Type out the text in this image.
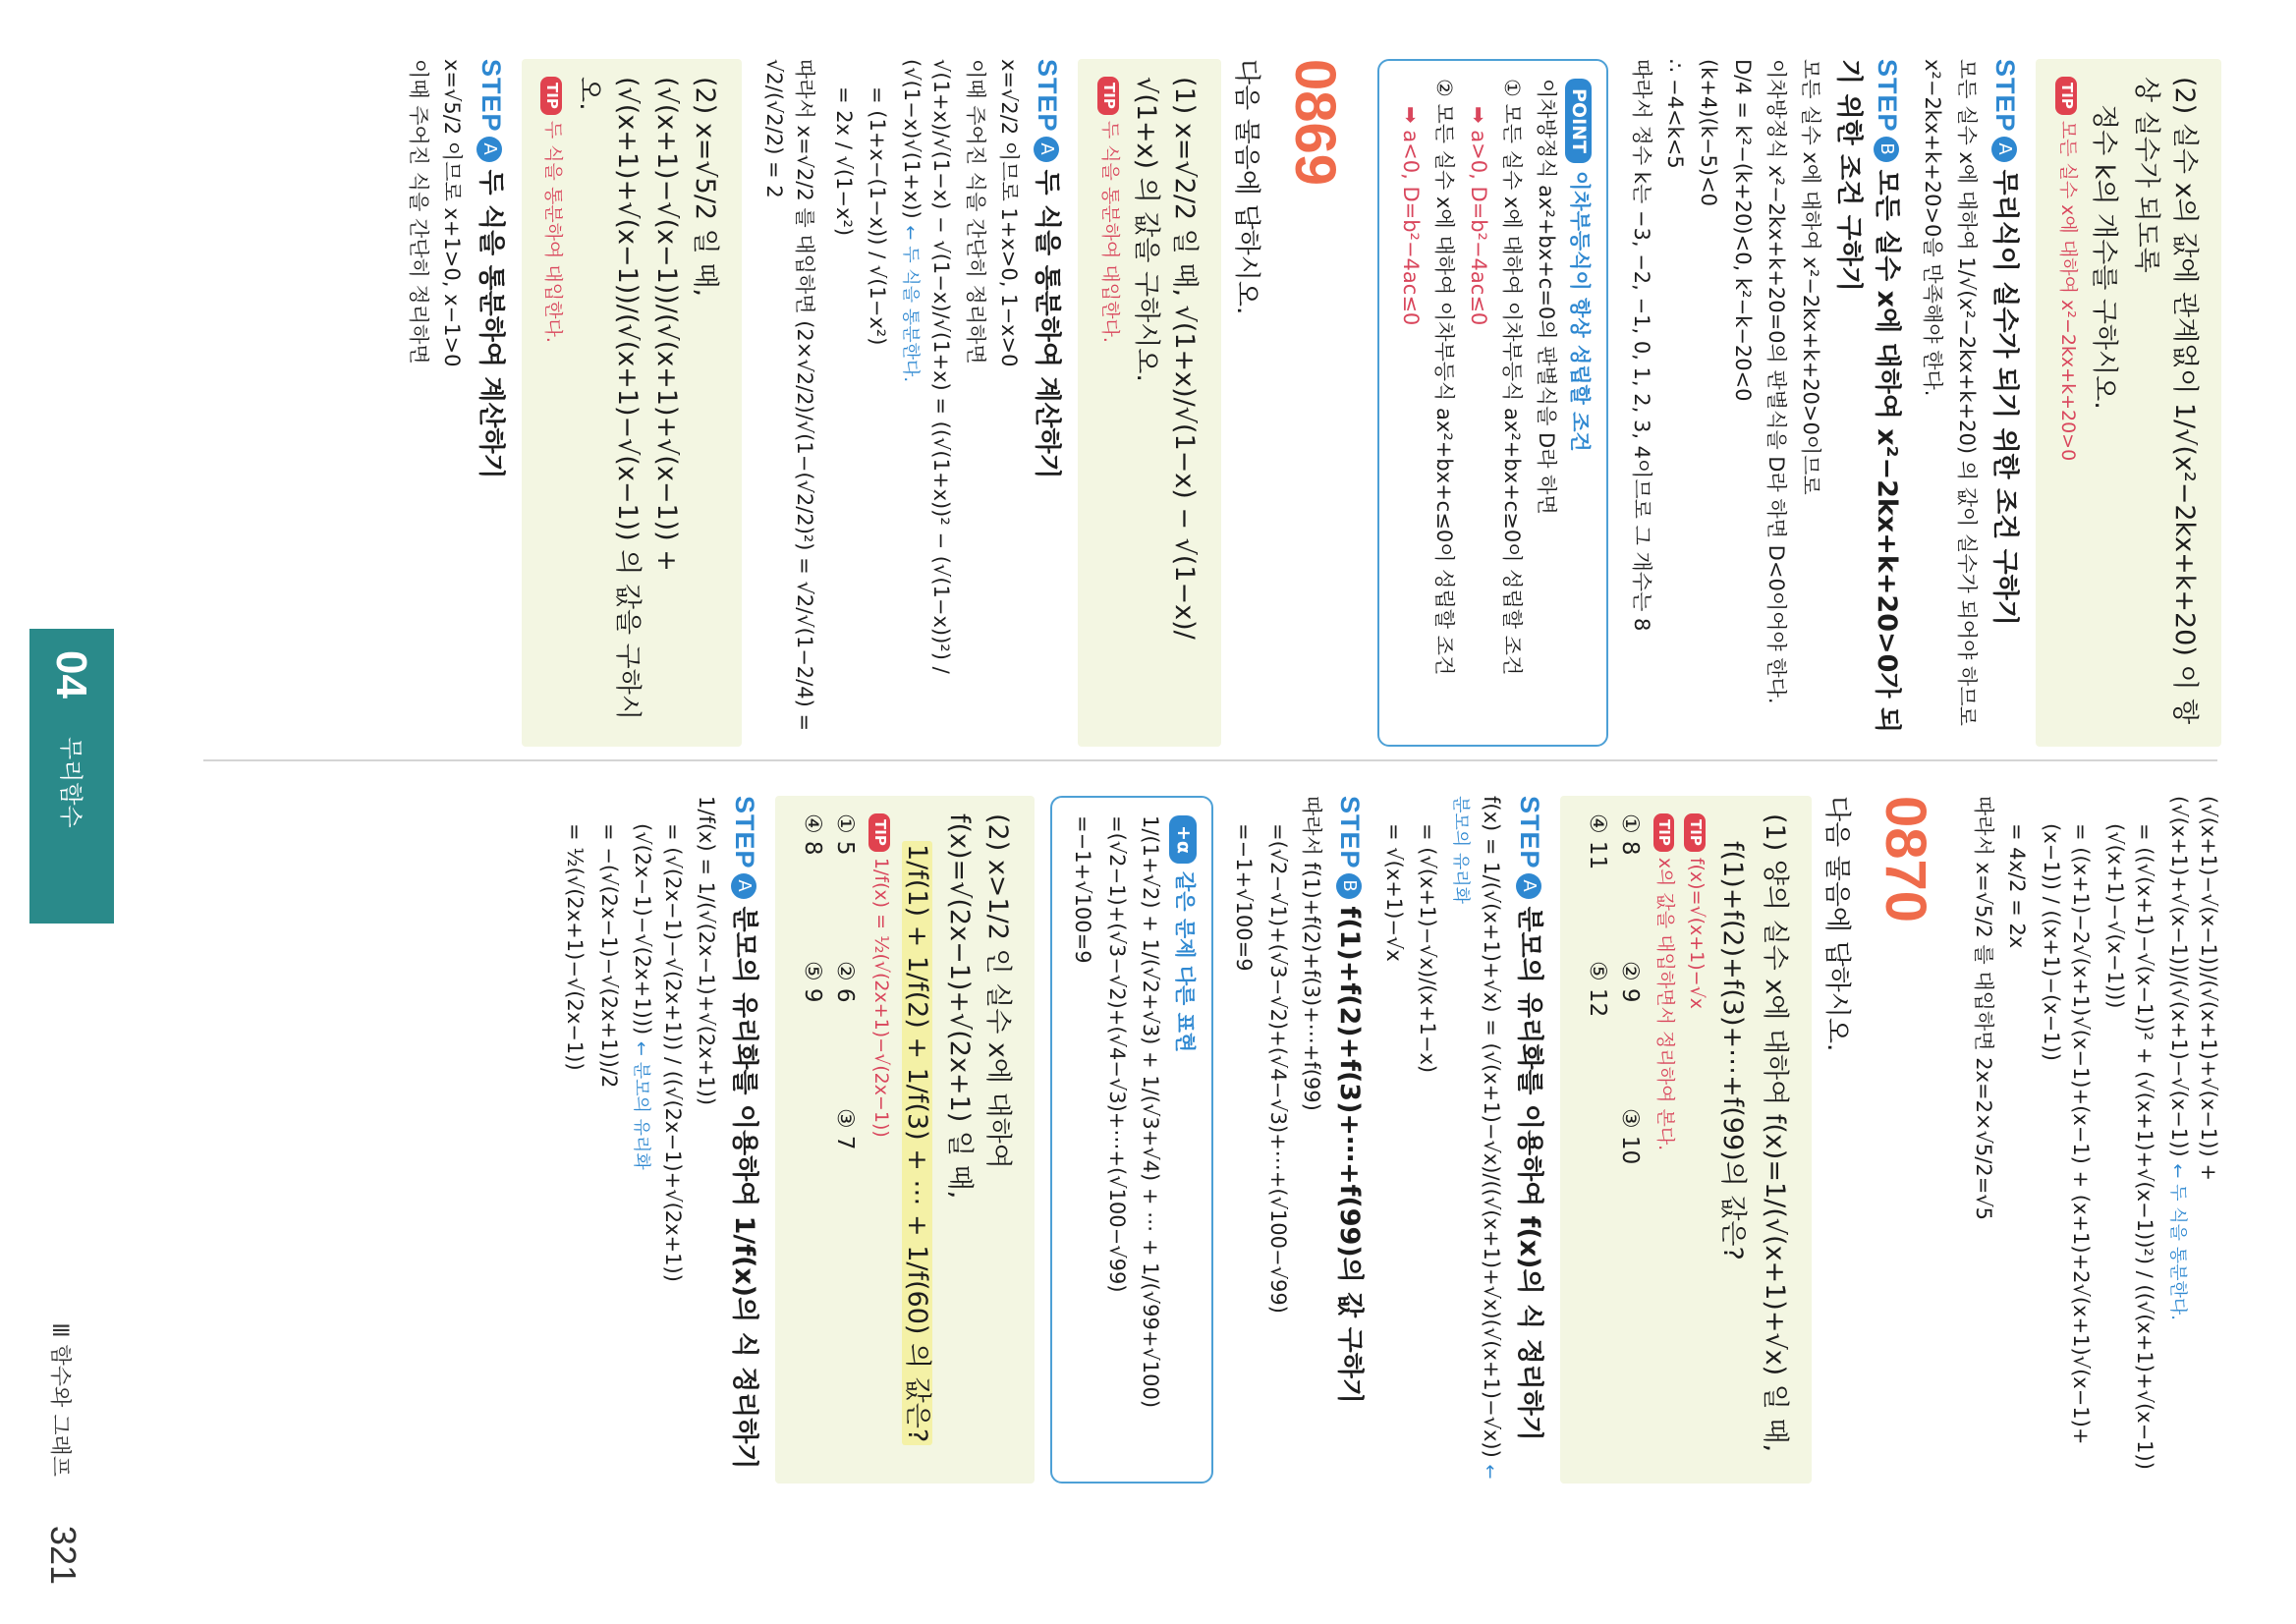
(2) 실수 x의 값에 관계없이 1/√(x²−2kx+k+20) 이 항상 실수가 되도록
정수 k의 개수를 구하시오.
TIP모든 실수 x에 대하여 x²−2kx+k+20>0
STEPA무리식이 실수가 되기 위한 조건 구하기
모든 실수 x에 대하여 1/√(x²−2kx+k+20) 의 값이 실수가 되어야 하므로
x²−2kx+k+20>0을 만족해야 한다.
STEPB모든 실수 x에 대하여 x²−2kx+k+20>0가 되기 위한 조건 구하기
모든 실수 x에 대하여 x²−2kx+k+20>0이므로
이차방정식 x²−2kx+k+20=0의 판별식을 D라 하면 D<0이어야 한다.
D/4 = k²−(k+20)<0, k²−k−20<0
(k+4)(k−5)<0
∴ −4<k<5
따라서 정수 k는 −3, −2, −1, 0, 1, 2, 3, 4이므로 그 개수는 8
POINT이차부등식이 항상 성립할 조건
이차방정식 ax²+bx+c=0의 판별식을 D라 하면
① 모든 실수 x에 대하여 이차부등식 ax²+bx+c≥0이 성립할 조건
➡ a>0, D=b²−4ac≤0
② 모든 실수 x에 대하여 이차부등식 ax²+bx+c≤0이 성립할 조건
➡ a<0, D=b²−4ac≤0
0869
다음 물음에 답하시오.
(1) x=√2/2 일 때, √(1+x)/√(1−x) − √(1−x)/√(1+x) 의 값을 구하시오.
TIP두 식을 통분하여 대입한다.
STEPA두 식을 통분하여 계산하기
x=√2/2 이므로 1+x>0, 1−x>0
이때 주어진 식을 간단히 정리하면
√(1+x)/√(1−x) − √(1−x)/√(1+x) = ((√(1+x))² − (√(1−x))²) / (√(1−x)√(1+x)) ← 두 식을 통분한다.
= (1+x−(1−x)) / √(1−x²)
= 2x / √(1−x²)
따라서 x=√2/2 를 대입하면 (2×√2/2)/√(1−(√2/2)²) = √2/√(1−2/4) = √2/(√2/2) = 2
(2) x=√5/2 일 때, (√(x+1)−√(x−1))/(√(x+1)+√(x−1)) + (√(x+1)+√(x−1))/(√(x+1)−√(x−1)) 의 값을 구하시오.
TIP두 식을 통분하여 대입한다.
STEPA두 식을 통분하여 계산하기
x=√5/2 이므로 x+1>0, x−1>0
이때 주어진 식을 간단히 정리하면
(√(x+1)−√(x−1))/(√(x+1)+√(x−1)) + (√(x+1)+√(x−1))/(√(x+1)−√(x−1)) ← 두 식을 통분한다.
= ((√(x+1)−√(x−1))² + (√(x+1)+√(x−1))²) / ((√(x+1)+√(x−1))(√(x+1)−√(x−1)))
= ((x+1)−2√(x+1)√(x−1)+(x−1) + (x+1)+2√(x+1)√(x−1)+(x−1)) / ((x+1)−(x−1))
= 4x/2 = 2x
따라서 x=√5/2 를 대입하면 2x=2×√5/2=√5
0870
다음 물음에 답하시오.
(1) 양의 실수 x에 대하여 f(x)=1/(√(x+1)+√x) 일 때,
f(1)+f(2)+f(3)+⋯+f(99)의 값은?
TIPf(x)=√(x+1)−√x
TIPx의 값을 대입하면서 정리하여 본다.
① 8
② 9
③ 10
④ 11
⑤ 12
STEPA분모의 유리화를 이용하여 f(x)의 식 정리하기
f(x) = 1/(√(x+1)+√x) = (√(x+1)−√x)/((√(x+1)+√x)(√(x+1)−√x)) ← 분모의 유리화
= (√(x+1)−√x)/(x+1−x)
= √(x+1)−√x
STEPBf(1)+f(2)+f(3)+⋯+f(99)의 값 구하기
따라서 f(1)+f(2)+f(3)+⋯+f(99)
=(√2−√1)+(√3−√2)+(√4−√3)+⋯+(√100−√99)
=−1+√100=9
+α같은 문제 다른 표현
1/(1+√2) + 1/(√2+√3) + 1/(√3+√4) + ⋯ + 1/(√99+√100)
=(√2−1)+(√3−√2)+(√4−√3)+⋯+(√100−√99)
=−1+√100=9
(2) x>1/2 인 실수 x에 대하여 f(x)=√(2x−1)+√(2x+1) 일 때,
1/f(1) + 1/f(2) + 1/f(3) + ⋯ + 1/f(60) 의 값은?
TIP1/f(x) = ½(√(2x+1)−√(2x−1))
① 5
② 6
③ 7
④ 8
⑤ 9
STEPA분모의 유리화를 이용하여 1/f(x)의 식 정리하기
1/f(x) = 1/(√(2x−1)+√(2x+1))
= (√(2x−1)−√(2x+1)) / ((√(2x−1)+√(2x+1))(√(2x−1)−√(2x+1))) ← 분모의 유리화
= −(√(2x−1)−√(2x+1))/2
= ½(√(2x+1)−√(2x−1))
04
무리함수
Ⅲ 함수와 그래프
321
